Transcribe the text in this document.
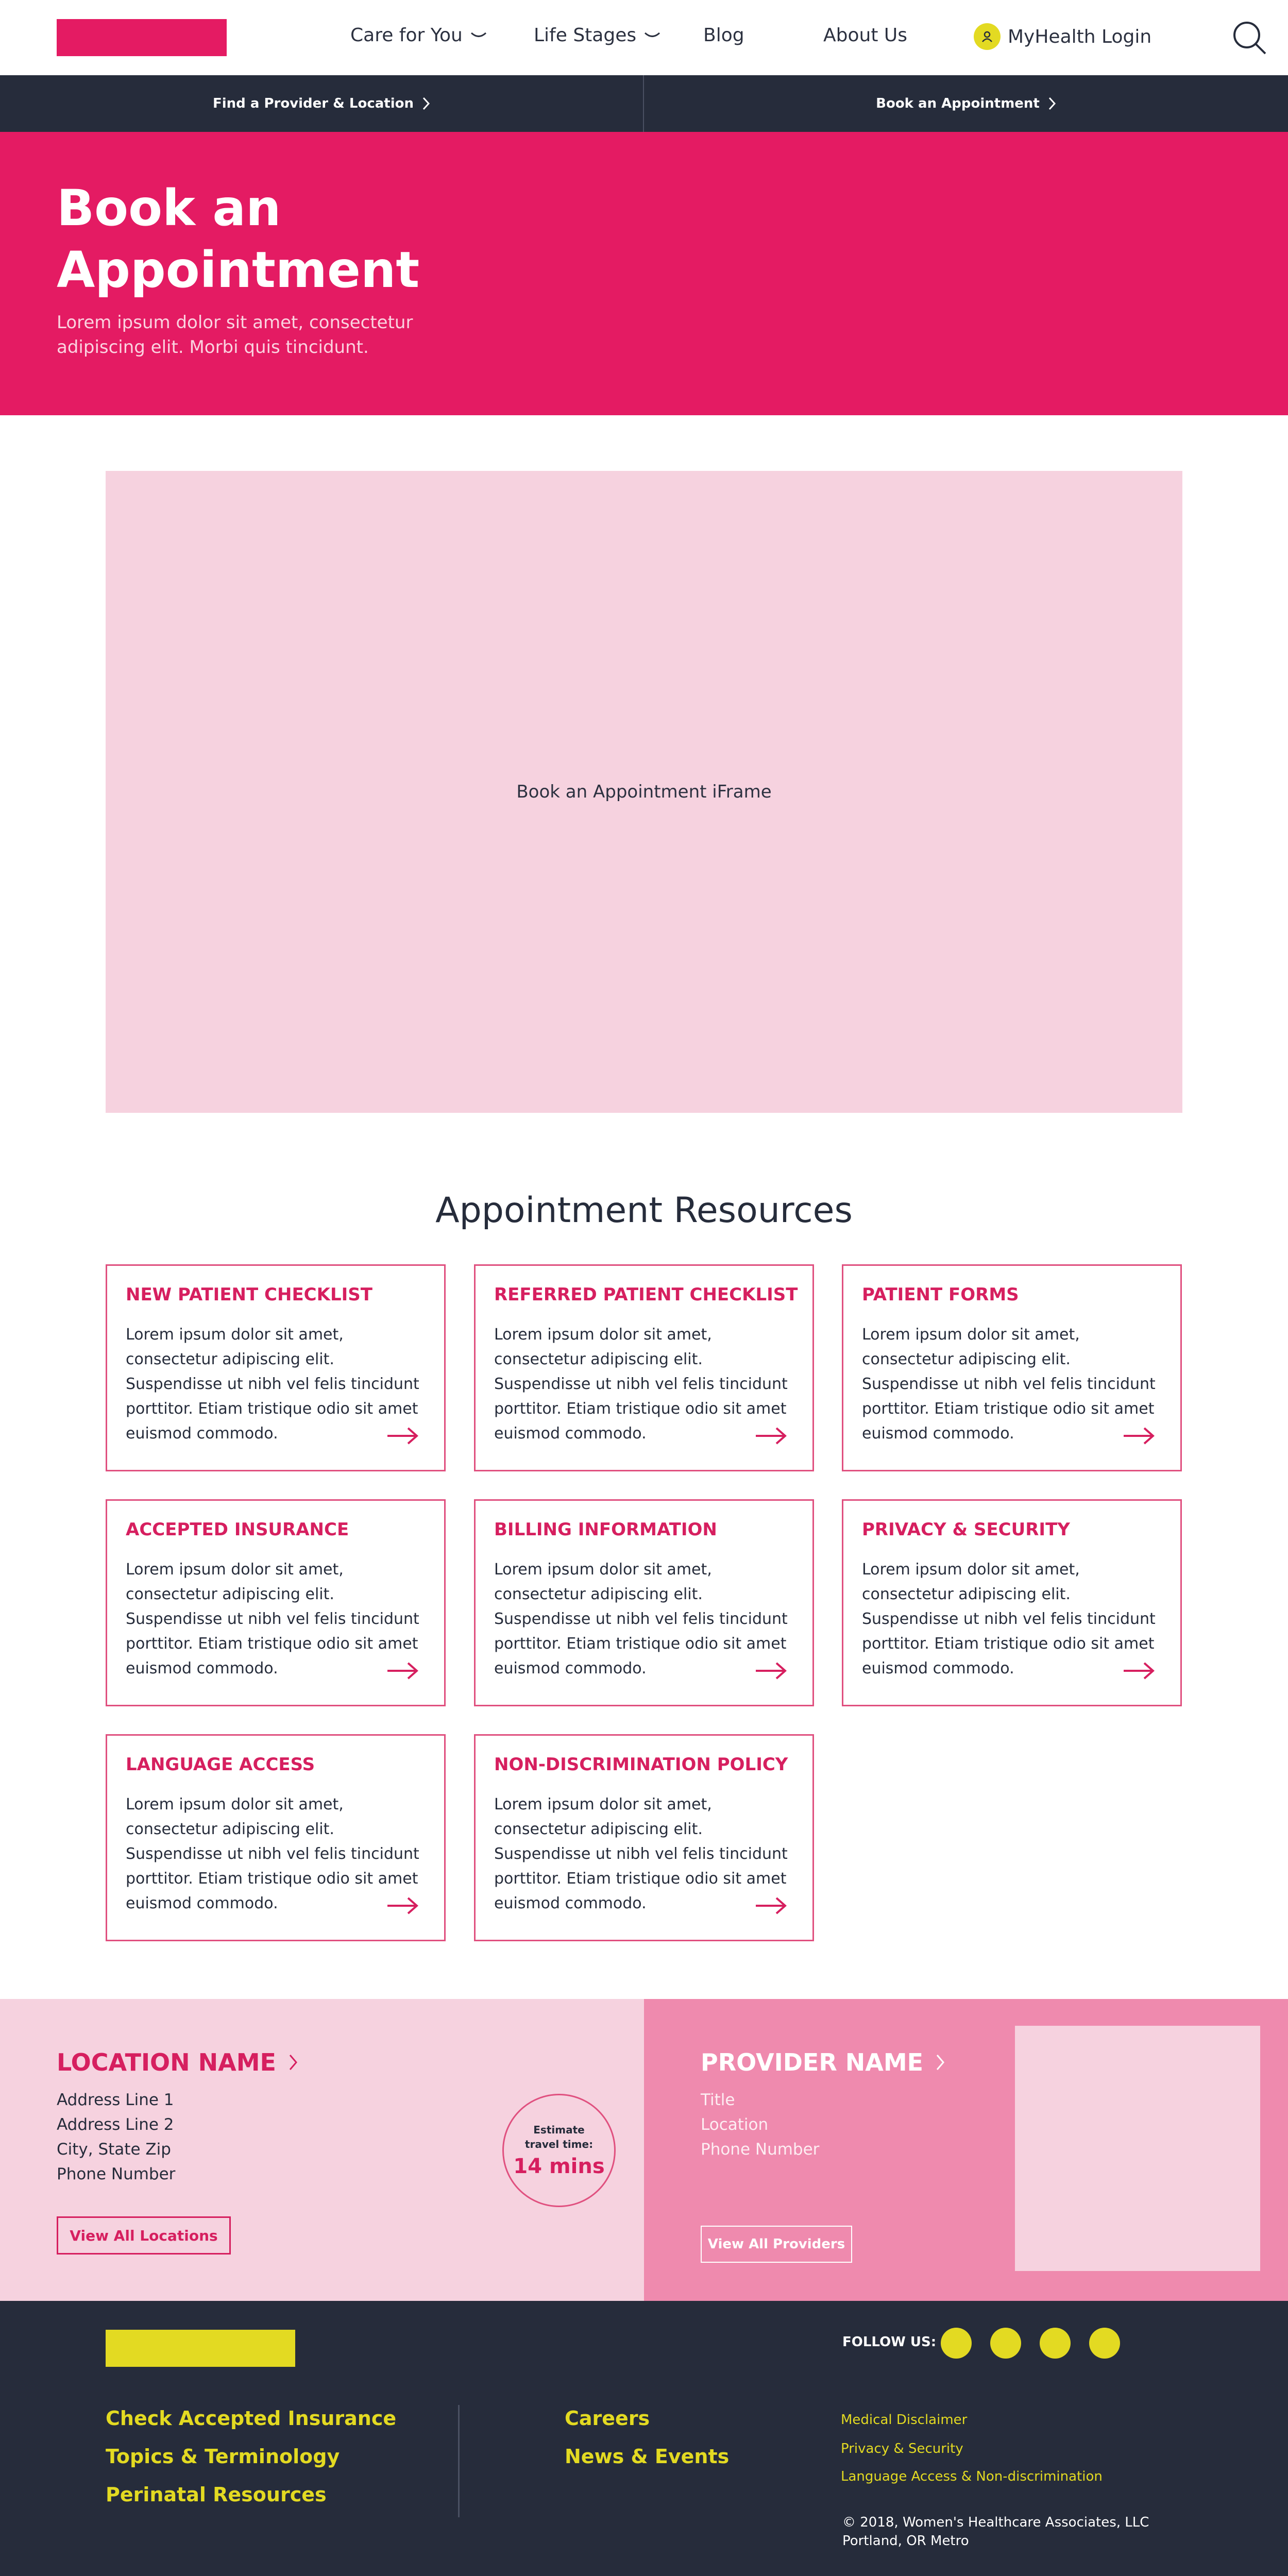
Care for You	Life Stages	Blog	About Us	MyHealth Login
Find a Provider & Location	Book an Appointment
Book an Appointment
Lorem ipsum dolor sit amet, consectetur adipiscing elit. Morbi quis tincidunt.
Book an Appointment iFrame
Appointment Resources
NEW PATIENT CHECKLIST
Lorem ipsum dolor sit amet, consectetur adipiscing elit. Suspendisse ut nibh vel felis tincidunt porttitor. Etiam tristique odio sit amet euismod commodo.
REFERRED PATIENT CHECKLIST
Lorem ipsum dolor sit amet, consectetur adipiscing elit. Suspendisse ut nibh vel felis tincidunt porttitor. Etiam tristique odio sit amet euismod commodo.
PATIENT FORMS
Lorem ipsum dolor sit amet, consectetur adipiscing elit. Suspendisse ut nibh vel felis tincidunt porttitor. Etiam tristique odio sit amet euismod commodo.
ACCEPTED INSURANCE
Lorem ipsum dolor sit amet, consectetur adipiscing elit. Suspendisse ut nibh vel felis tincidunt porttitor. Etiam tristique odio sit amet euismod commodo.
BILLING INFORMATION
Lorem ipsum dolor sit amet, consectetur adipiscing elit. Suspendisse ut nibh vel felis tincidunt porttitor. Etiam tristique odio sit amet euismod commodo.
PRIVACY & SECURITY
Lorem ipsum dolor sit amet, consectetur adipiscing elit. Suspendisse ut nibh vel felis tincidunt porttitor. Etiam tristique odio sit amet euismod commodo.
LANGUAGE ACCESS
Lorem ipsum dolor sit amet, consectetur adipiscing elit. Suspendisse ut nibh vel felis tincidunt porttitor. Etiam tristique odio sit amet euismod commodo.
NON-DISCRIMINATION POLICY
Lorem ipsum dolor sit amet, consectetur adipiscing elit. Suspendisse ut nibh vel felis tincidunt porttitor. Etiam tristique odio sit amet euismod commodo.
LOCATION NAME
Address Line 1
Address Line 2
City, State Zip
Phone Number
View All Locations
Estimate travel time:
14 mins
PROVIDER NAME
Title
Location
Phone Number
View All Providers
FOLLOW US:
Check Accepted Insurance
Topics & Terminology
Perinatal Resources
Careers
News & Events
Medical Disclaimer
Privacy & Security
Language Access & Non-discrimination
© 2018, Women's Healthcare Associates, LLC Portland, OR Metro
